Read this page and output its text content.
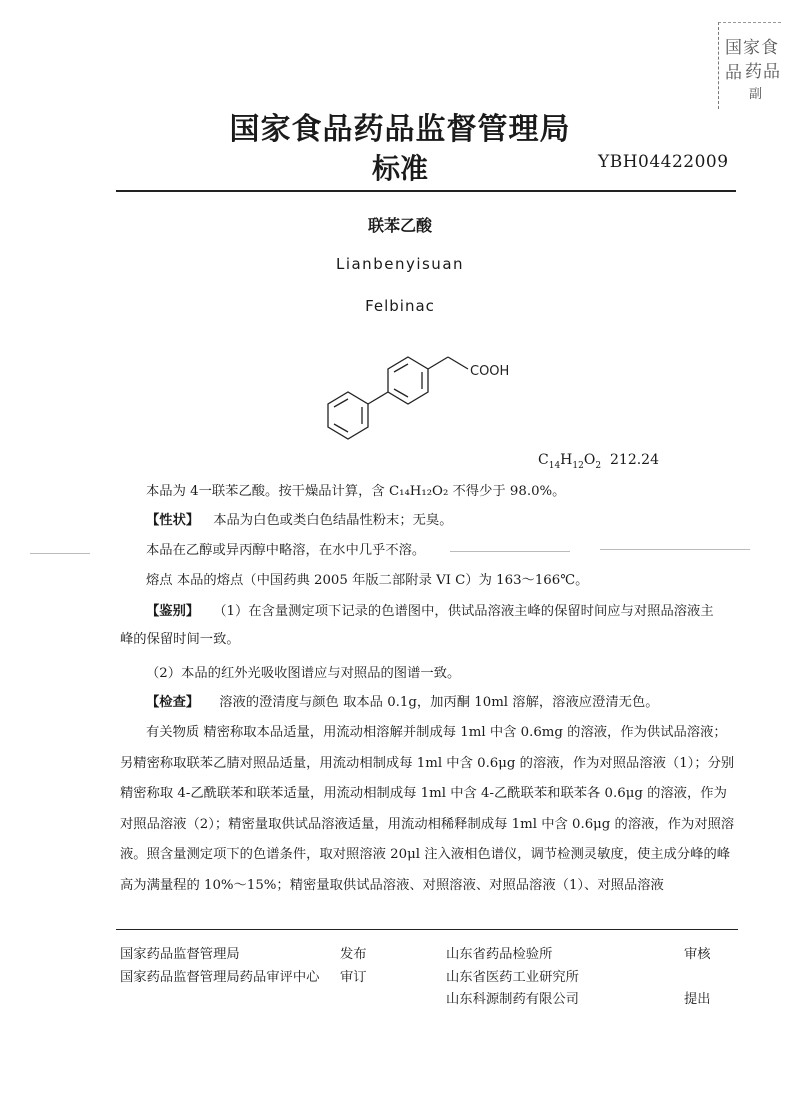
国家食品 药品
副
国家食品药品监督管理局
标准	YBH04422009
联苯乙酸
Lianbenyisuan
Felbinac
COOH
$C_{14}H_{12}O_2$ 212.24
本品为 4一联苯乙酸。按干燥品计算，含 C₁₄H₁₂O₂ 不得少于 98.0%。
【性状】 本品为白色或类白色结晶性粉末；无臭。
本品在乙醇或异丙醇中略溶，在水中几乎不溶。
熔点 本品的熔点（中国药典 2005 年版二部附录 VI C）为 163～166℃。
【鉴别】 （1）在含量测定项下记录的色谱图中，供试品溶液主峰的保留时间应与对照品溶液主
峰的保留时间一致。
（2）本品的红外光吸收图谱应与对照品的图谱一致。
【检查】 溶液的澄清度与颜色 取本品 0.1g，加丙酮 10ml 溶解，溶液应澄清无色。
有关物质 精密称取本品适量，用流动相溶解并制成每 1ml 中含 0.6mg 的溶液，作为供试品溶液；另精密称取联苯乙腈对照品适量，用流动相制成每 1ml 中含 0.6μg 的溶液，作为对照品溶液（1）；分别精密称取 4-乙酰联苯和联苯适量，用流动相制成每 1ml 中含 4-乙酰联苯和联苯各 0.6μg 的溶液，作为对照品溶液（2）；精密量取供试品溶液适量，用流动相稀释制成每 1ml 中含 0.6μg 的溶液，作为对照溶液。照含量测定项下的色谱条件，取对照溶液 20μl 注入液相色谱仪，调节检测灵敏度，使主成分峰的峰高为满量程的 10%～15%；精密量取供试品溶液、对照溶液、对照品溶液（1）、对照品溶液
国家药品监督管理局
国家药品监督管理局药品审评中心
发布
审订
山东省药品检验所
山东省医药工业研究所
山东科源制药有限公司
审核
提出
